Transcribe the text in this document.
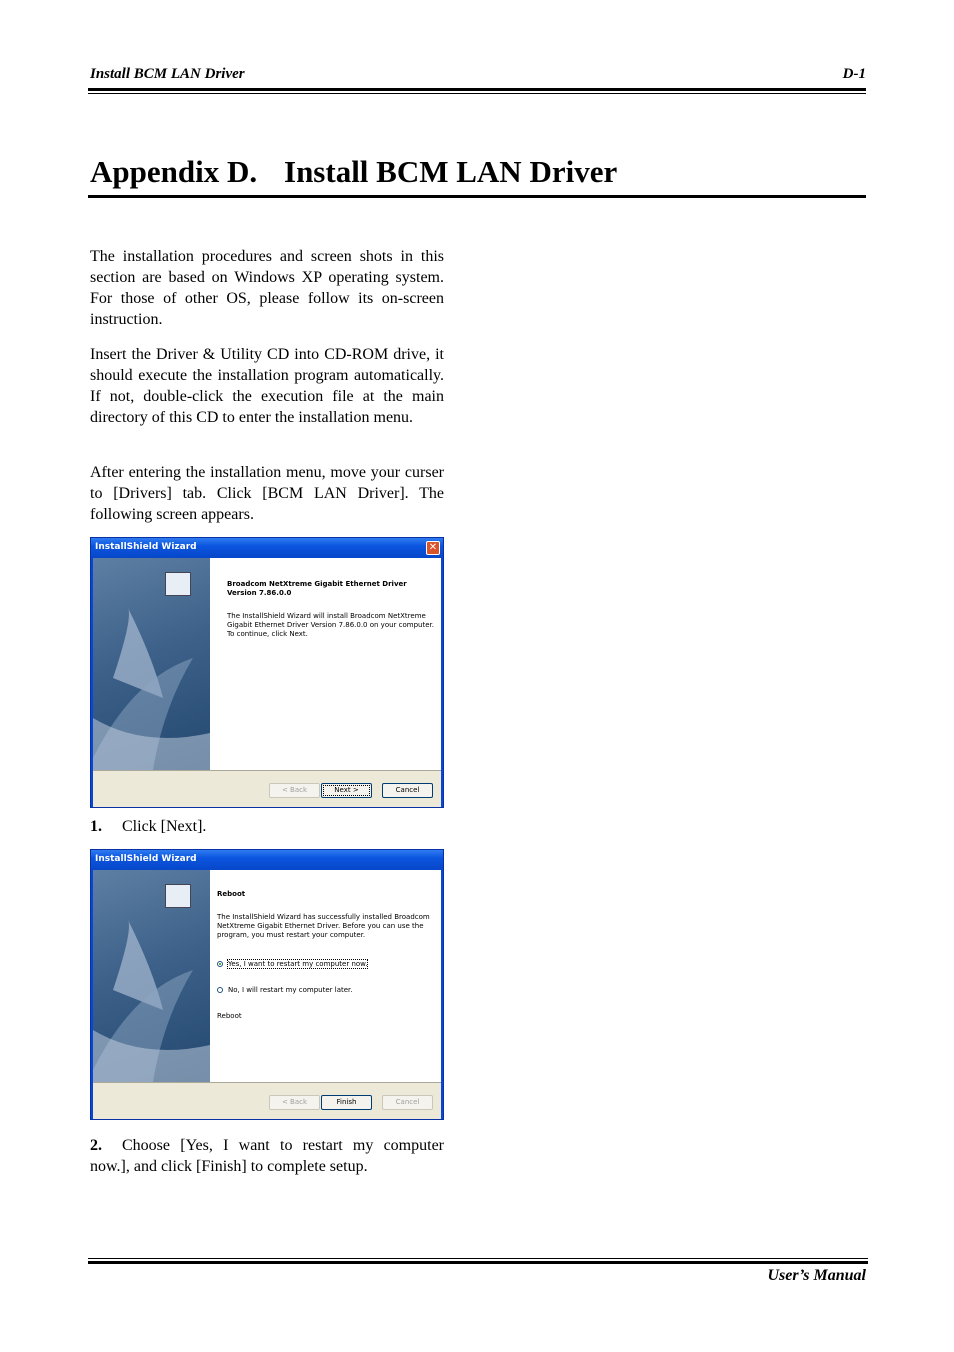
Install BCM LAN Driver	D-1
Appendix D. Install BCM LAN Driver

The installation procedures and screen shots in this section are based on Windows XP operating system. For those of other OS, please follow its on-screen instruction.

Insert the Driver & Utility CD into CD-ROM drive, it should execute the installation program automatically. If not, double-click the execution file at the main directory of this CD to enter the installation menu.

After entering the installation menu, move your curser to [Drivers] tab. Click [BCM LAN Driver]. The following screen appears.

InstallShield Wizard	✕
Broadcom NetXtreme Gigabit Ethernet Driver
Version 7.86.0.0

The InstallShield Wizard will install Broadcom NetXtreme Gigabit Ethernet Driver Version 7.86.0.0 on your computer. To continue, click Next.

< Back	Next >	Cancel

1. Click [Next].

InstallShield Wizard
Reboot

The InstallShield Wizard has successfully installed Broadcom NetXtreme Gigabit Ethernet Driver. Before you can use the program, you must restart your computer.

Yes, I want to restart my computer now.
No, I will restart my computer later.
Reboot
< Back	Finish	Cancel

2. Choose [Yes, I want to restart my computer now.], and click [Finish] to complete setup.

User’s Manual
